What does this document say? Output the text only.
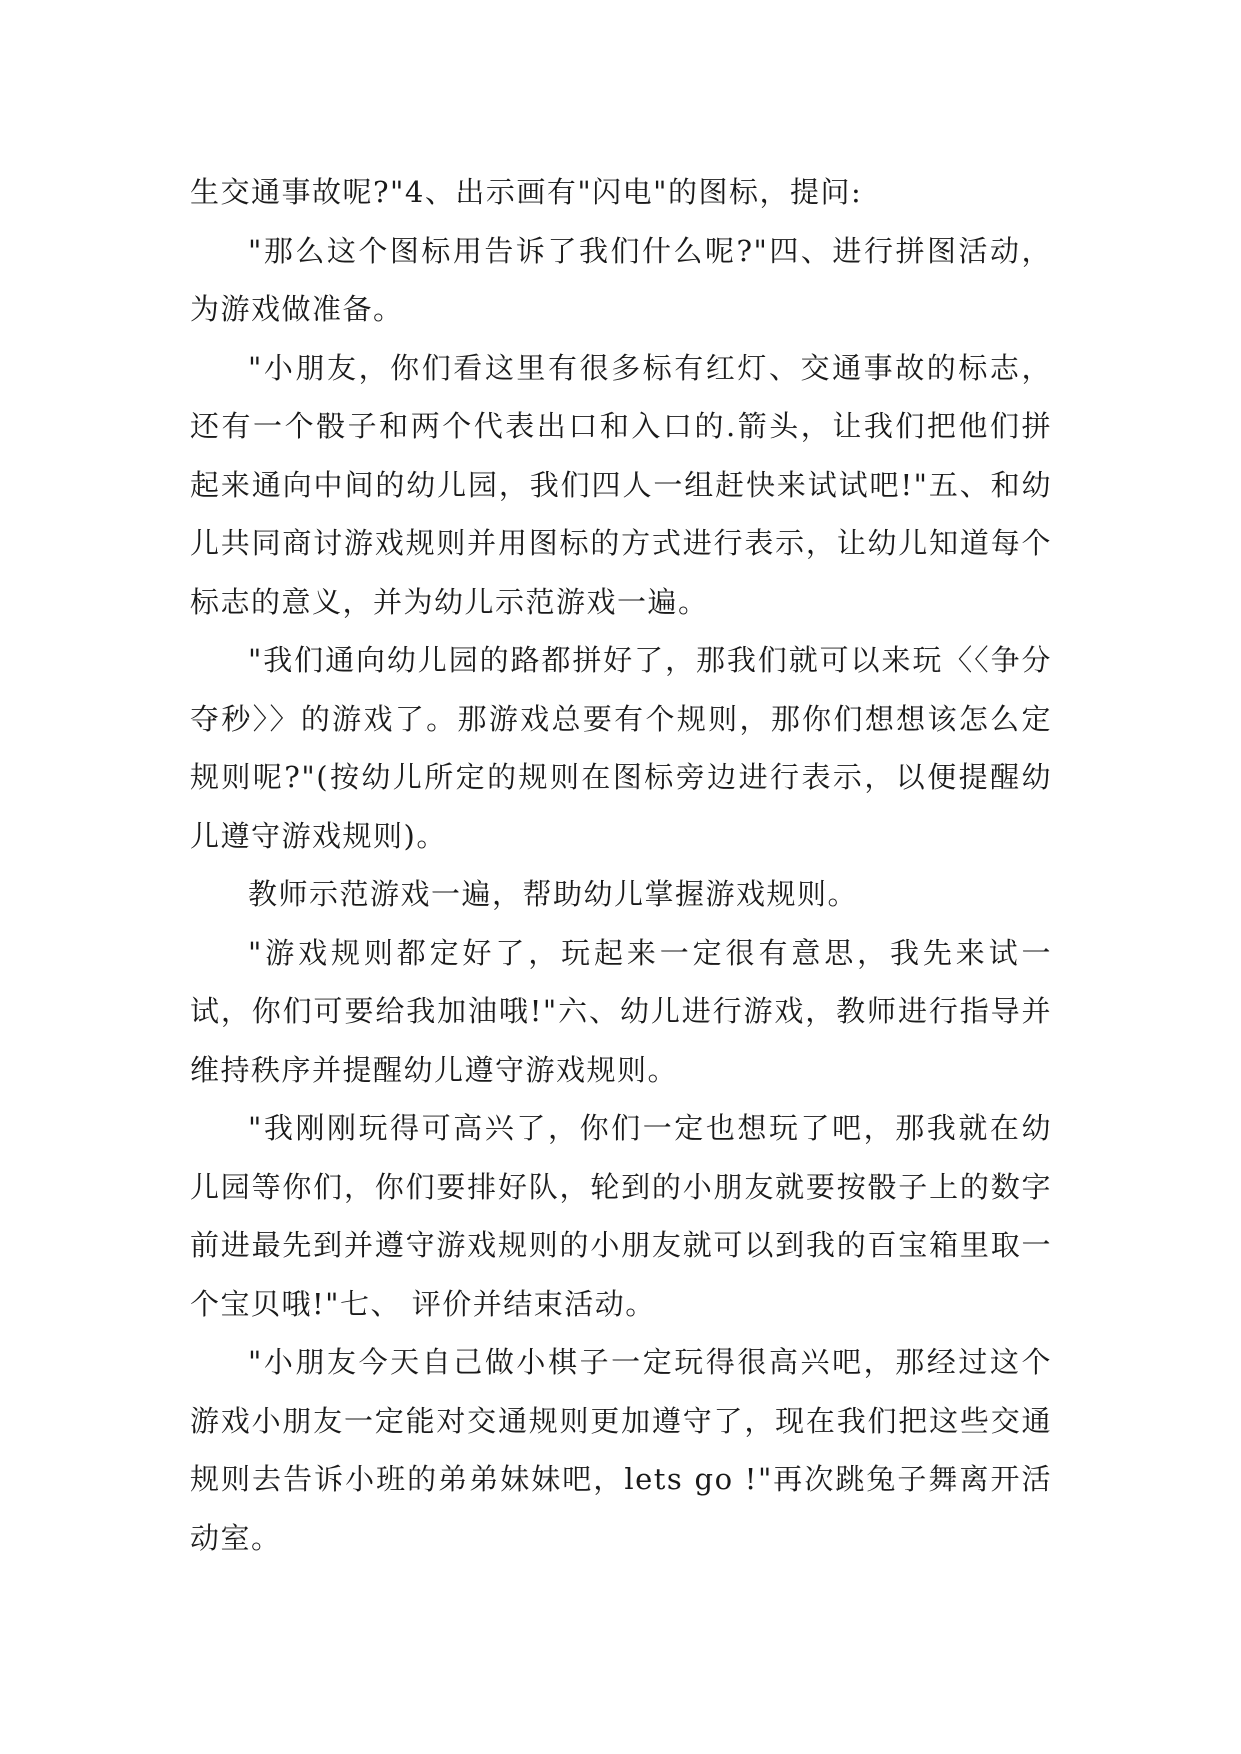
生交通事故呢?"4、出示画有"闪电"的图标，提问:

"那么这个图标用告诉了我们什么呢?"四、进行拼图活动，为游戏做准备。

"小朋友，你们看这里有很多标有红灯、交通事故的标志，还有一个骰子和两个代表出口和入口的.箭头，让我们把他们拼起来通向中间的幼儿园，我们四人一组赶快来试试吧!"五、和幼儿共同商讨游戏规则并用图标的方式进行表示，让幼儿知道每个标志的意义，并为幼儿示范游戏一遍。

"我们通向幼儿园的路都拼好了，那我们就可以来玩〈〈争分夺秒〉〉的游戏了。那游戏总要有个规则，那你们想想该怎么定规则呢?"(按幼儿所定的规则在图标旁边进行表示，以便提醒幼儿遵守游戏规则)。

教师示范游戏一遍，帮助幼儿掌握游戏规则。

"游戏规则都定好了，玩起来一定很有意思，我先来试一试，你们可要给我加油哦!"六、幼儿进行游戏，教师进行指导并维持秩序并提醒幼儿遵守游戏规则。

"我刚刚玩得可高兴了，你们一定也想玩了吧，那我就在幼儿园等你们，你们要排好队，轮到的小朋友就要按骰子上的数字前进最先到并遵守游戏规则的小朋友就可以到我的百宝箱里取一个宝贝哦!"七、 评价并结束活动。

"小朋友今天自己做小棋子一定玩得很高兴吧，那经过这个游戏小朋友一定能对交通规则更加遵守了，现在我们把这些交通规则去告诉小班的弟弟妹妹吧，lets go !"再次跳兔子舞离开活动室。
